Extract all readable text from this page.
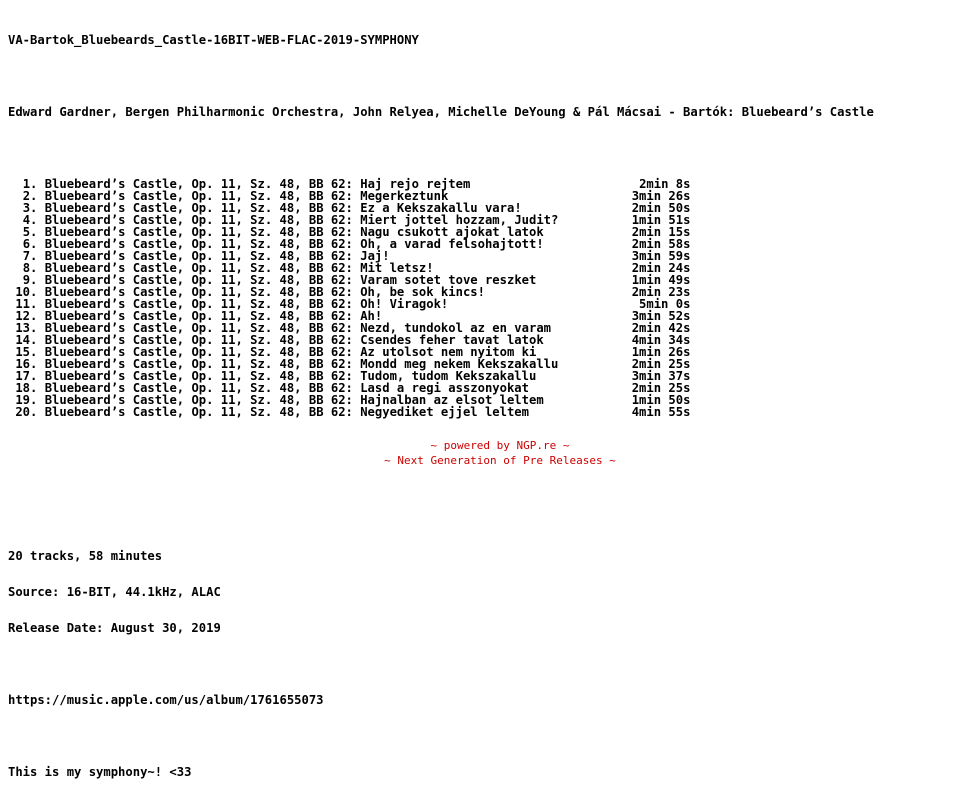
VA-Bartok_Bluebeards_Castle-16BIT-WEB-FLAC-2019-SYMPHONY

Edward Gardner, Bergen Philharmonic Orchestra, John Relyea, Michelle DeYoung & Pál Mácsai - Bartók: Bluebeard’s Castle

1. Bluebeard’s Castle, Op. 11, Sz. 48, BB 62: Haj rejo rejtem	2min 8s
2. Bluebeard’s Castle, Op. 11, Sz. 48, BB 62: Megerkeztunk	3min 26s
3. Bluebeard’s Castle, Op. 11, Sz. 48, BB 62: Ez a Kekszakallu vara!	2min 50s
4. Bluebeard’s Castle, Op. 11, Sz. 48, BB 62: Miert jottel hozzam, Judit?	1min 51s
5. Bluebeard’s Castle, Op. 11, Sz. 48, BB 62: Nagu csukott ajokat latok	2min 15s
6. Bluebeard’s Castle, Op. 11, Sz. 48, BB 62: Oh, a varad felsohajtott!	2min 58s
7. Bluebeard’s Castle, Op. 11, Sz. 48, BB 62: Jaj!	3min 59s
8. Bluebeard’s Castle, Op. 11, Sz. 48, BB 62: Mit letsz!	2min 24s
9. Bluebeard’s Castle, Op. 11, Sz. 48, BB 62: Varam sotet tove reszket	1min 49s
10. Bluebeard’s Castle, Op. 11, Sz. 48, BB 62: Oh, be sok kincs!	2min 23s
11. Bluebeard’s Castle, Op. 11, Sz. 48, BB 62: Oh! Viragok!	5min 0s
12. Bluebeard’s Castle, Op. 11, Sz. 48, BB 62: Ah!	3min 52s
13. Bluebeard’s Castle, Op. 11, Sz. 48, BB 62: Nezd, tundokol az en varam	2min 42s
14. Bluebeard’s Castle, Op. 11, Sz. 48, BB 62: Csendes feher tavat latok	4min 34s
15. Bluebeard’s Castle, Op. 11, Sz. 48, BB 62: Az utolsot nem nyitom ki	1min 26s
16. Bluebeard’s Castle, Op. 11, Sz. 48, BB 62: Mondd meg nekem Kekszakallu	2min 25s
17. Bluebeard’s Castle, Op. 11, Sz. 48, BB 62: Tudom, tudom Kekszakallu	3min 37s
18. Bluebeard’s Castle, Op. 11, Sz. 48, BB 62: Lasd a regi asszonyokat	2min 25s
19. Bluebeard’s Castle, Op. 11, Sz. 48, BB 62: Hajnalban az elsot leltem	1min 50s
20. Bluebeard’s Castle, Op. 11, Sz. 48, BB 62: Negyediket ejjel leltem	4min 55s

20 tracks, 58 minutes

Source: 16-BIT, 44.1kHz, ALAC

Release Date: August 30, 2019

https://music.apple.com/us/album/1761655073

This is my symphony~! <33

~ powered by NGP.re ~
~ Next Generation of Pre Releases ~
